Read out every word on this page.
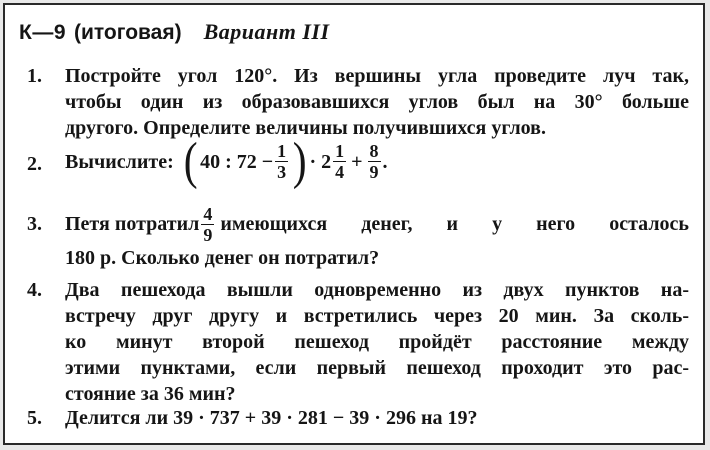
К—9 (итоговая) Вариант III
1.	Постройте угол 120°. Из вершины угла проведите луч так,
чтобы один из образовавшихся углов был на 30° больше
другого. Определите величины получившихся углов.
2.	Вычислите: ( 40 : $72 - \frac{1}{3}$ ) · $2 \frac{1}{4} + \frac{8}{9}$ .
3.	Петя потратил $\frac{4}{9}$ имеющихся денег, и у него осталось
180 р. Сколько денег он потратил?
4.	Два пешехода вышли одновременно из двух пунктов на-
встречу друг другу и встретились через 20 мин. За сколь-
ко минут второй пешеход пройдёт расстояние между
этими пунктами, если первый пешеход проходит это рас-
стояние за 36 мин?
5.	Делится ли 39 · 737 + 39 · 281 − 39 · 296 на 19?
